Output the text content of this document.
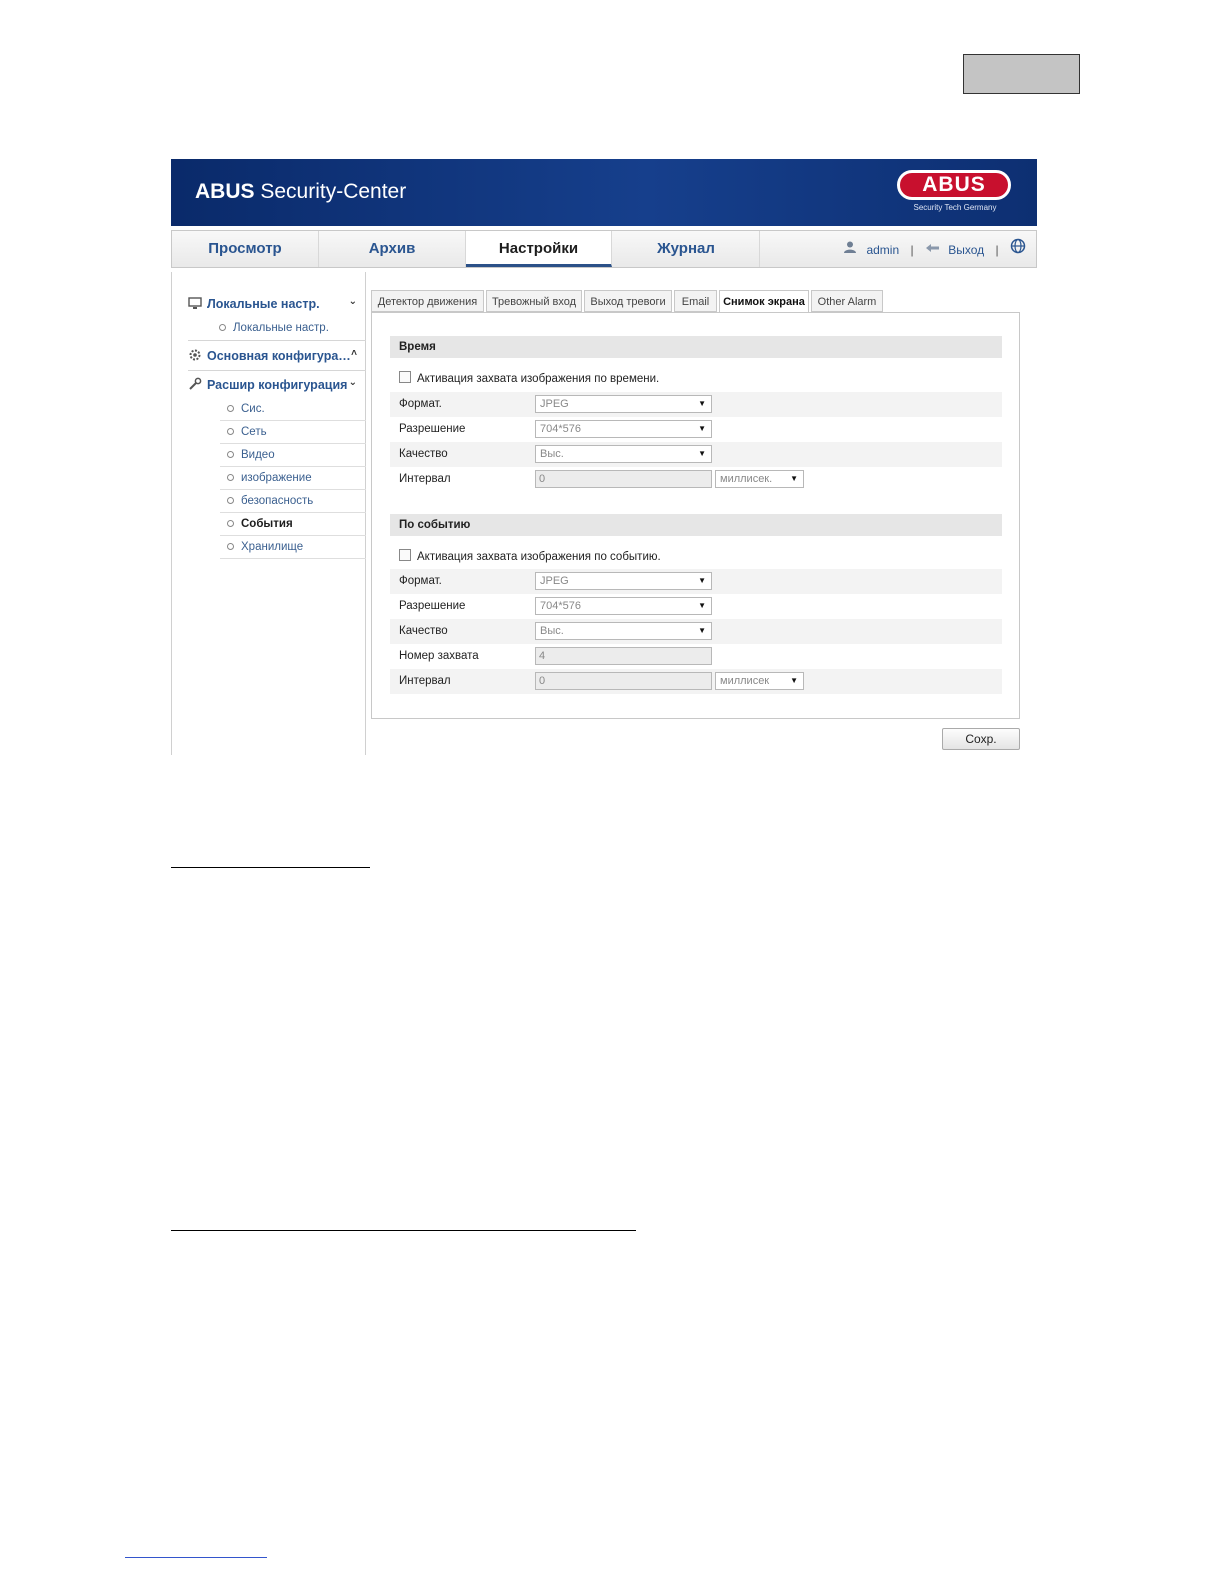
ABUS Security-Center	ABUS
Security Tech Germany
Просмотр	Архив	Настройки	Журнал	admin |	Выход |
Локальные настр.	⌄
Локальные настр.
Основная конфигура… ˄
Расшир конфигурация ⌄
Сис.
Сеть
Видео
изображение
безопасность
События
Хранилище
Детектор движения	Тревожный вход	Выход тревоги	Email	Снимок экрана	Other Alarm
Время
Активация захвата изображения по времени.
Формат.	JPEG	▼
Разрешение	704*576	▼
Качество	Выс.	▼
Интервал	0	миллисек. ▼
По событию
Активация захвата изображения по событию.
Формат.	JPEG	▼
Разрешение	704*576	▼
Качество	Выс.	▼
Номер захвата	4
Интервал	0	миллисек	▼
Сохр.
